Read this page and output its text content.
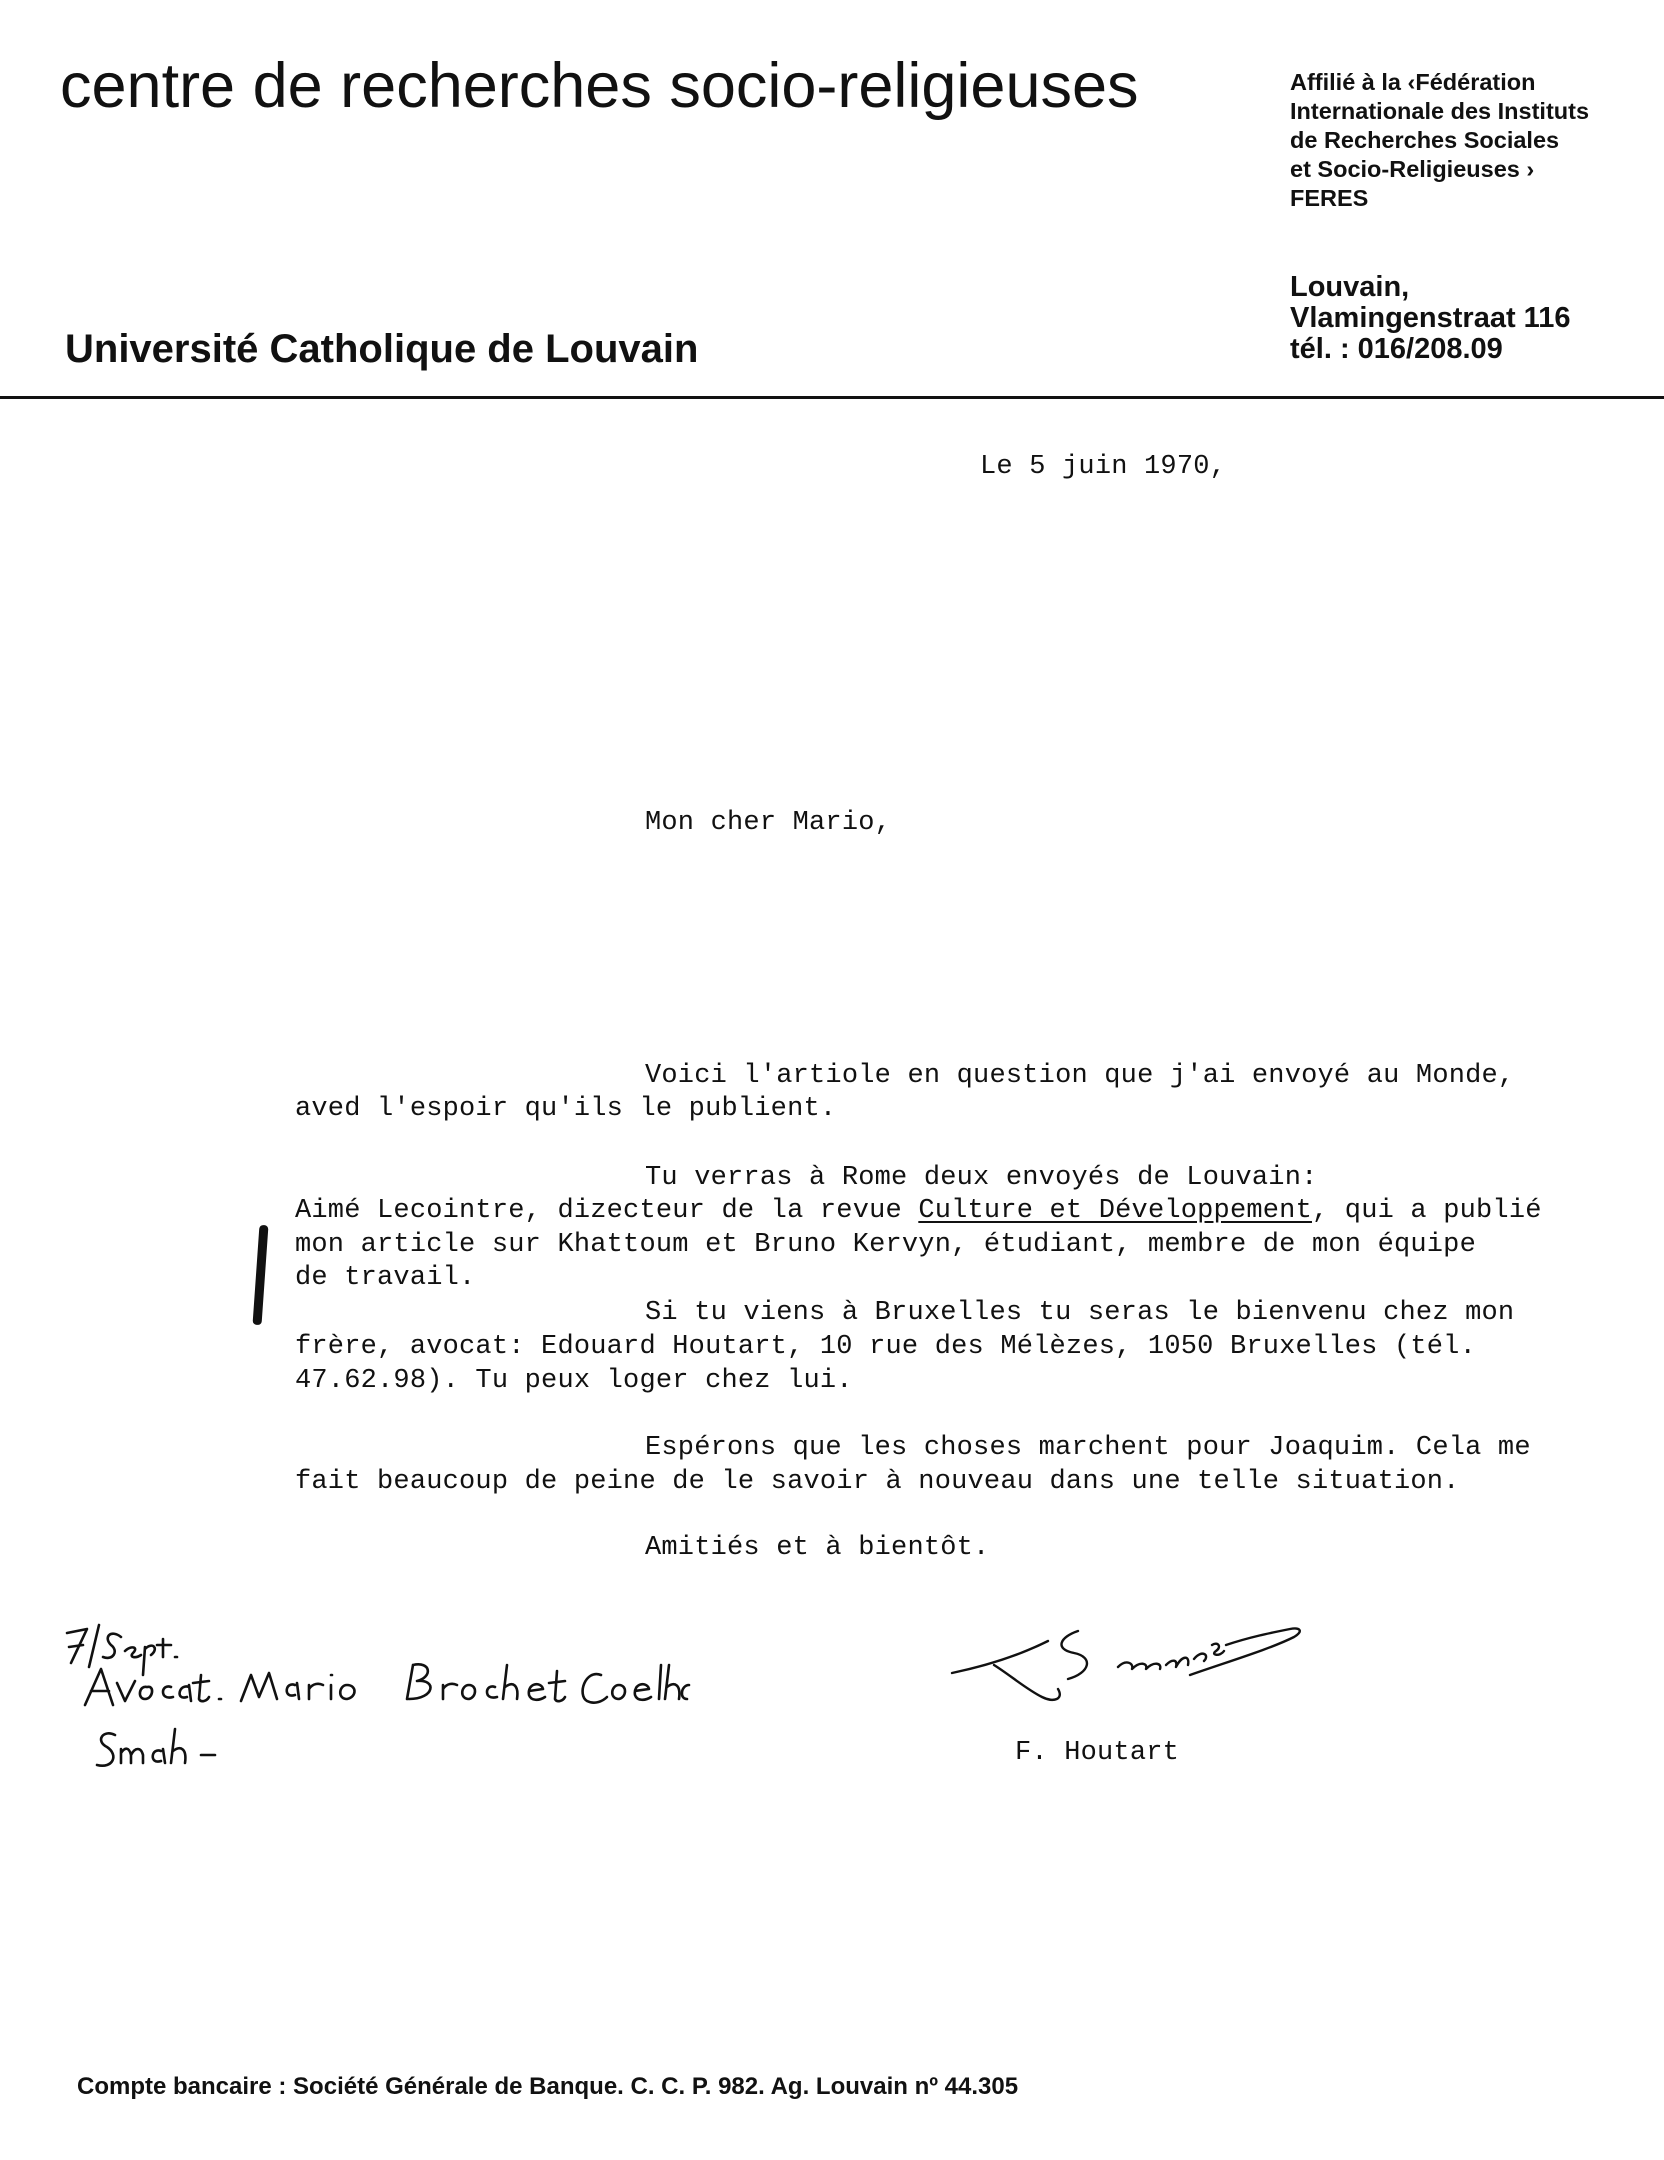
centre de recherches socio-religieuses	Affilié à la ‹Fédération
Internationale des Instituts
de Recherches Sociales
et Socio-Religieuses ›
FERES
Université Catholique de Louvain
Louvain,
Vlamingenstraat 116
tél. : 016/208.09
Le 5 juin 1970,
Mon cher Mario,
Voici l'artiole en question que j'ai envoyé au Monde,
aved l'espoir qu'ils le publient.
Tu verras à Rome deux envoyés de Louvain:
Aimé Lecointre, dizecteur de la revue Culture et Développement, qui a publié
mon article sur Khattoum et Bruno Kervyn, étudiant, membre de mon équipe
de travail.
Si tu viens à Bruxelles tu seras le bienvenu chez mon
frère, avocat: Edouard Houtart, 10 rue des Mélèzes, 1050 Bruxelles (tél.
47.62.98). Tu peux loger chez lui.
Espérons que les choses marchent pour Joaquim. Cela me
fait beaucoup de peine de le savoir à nouveau dans une telle situation.
Amitiés et à bientôt.
F. Houtart
Compte bancaire : Société Générale de Banque. C. C. P. 982. Ag. Louvain nº 44.305
